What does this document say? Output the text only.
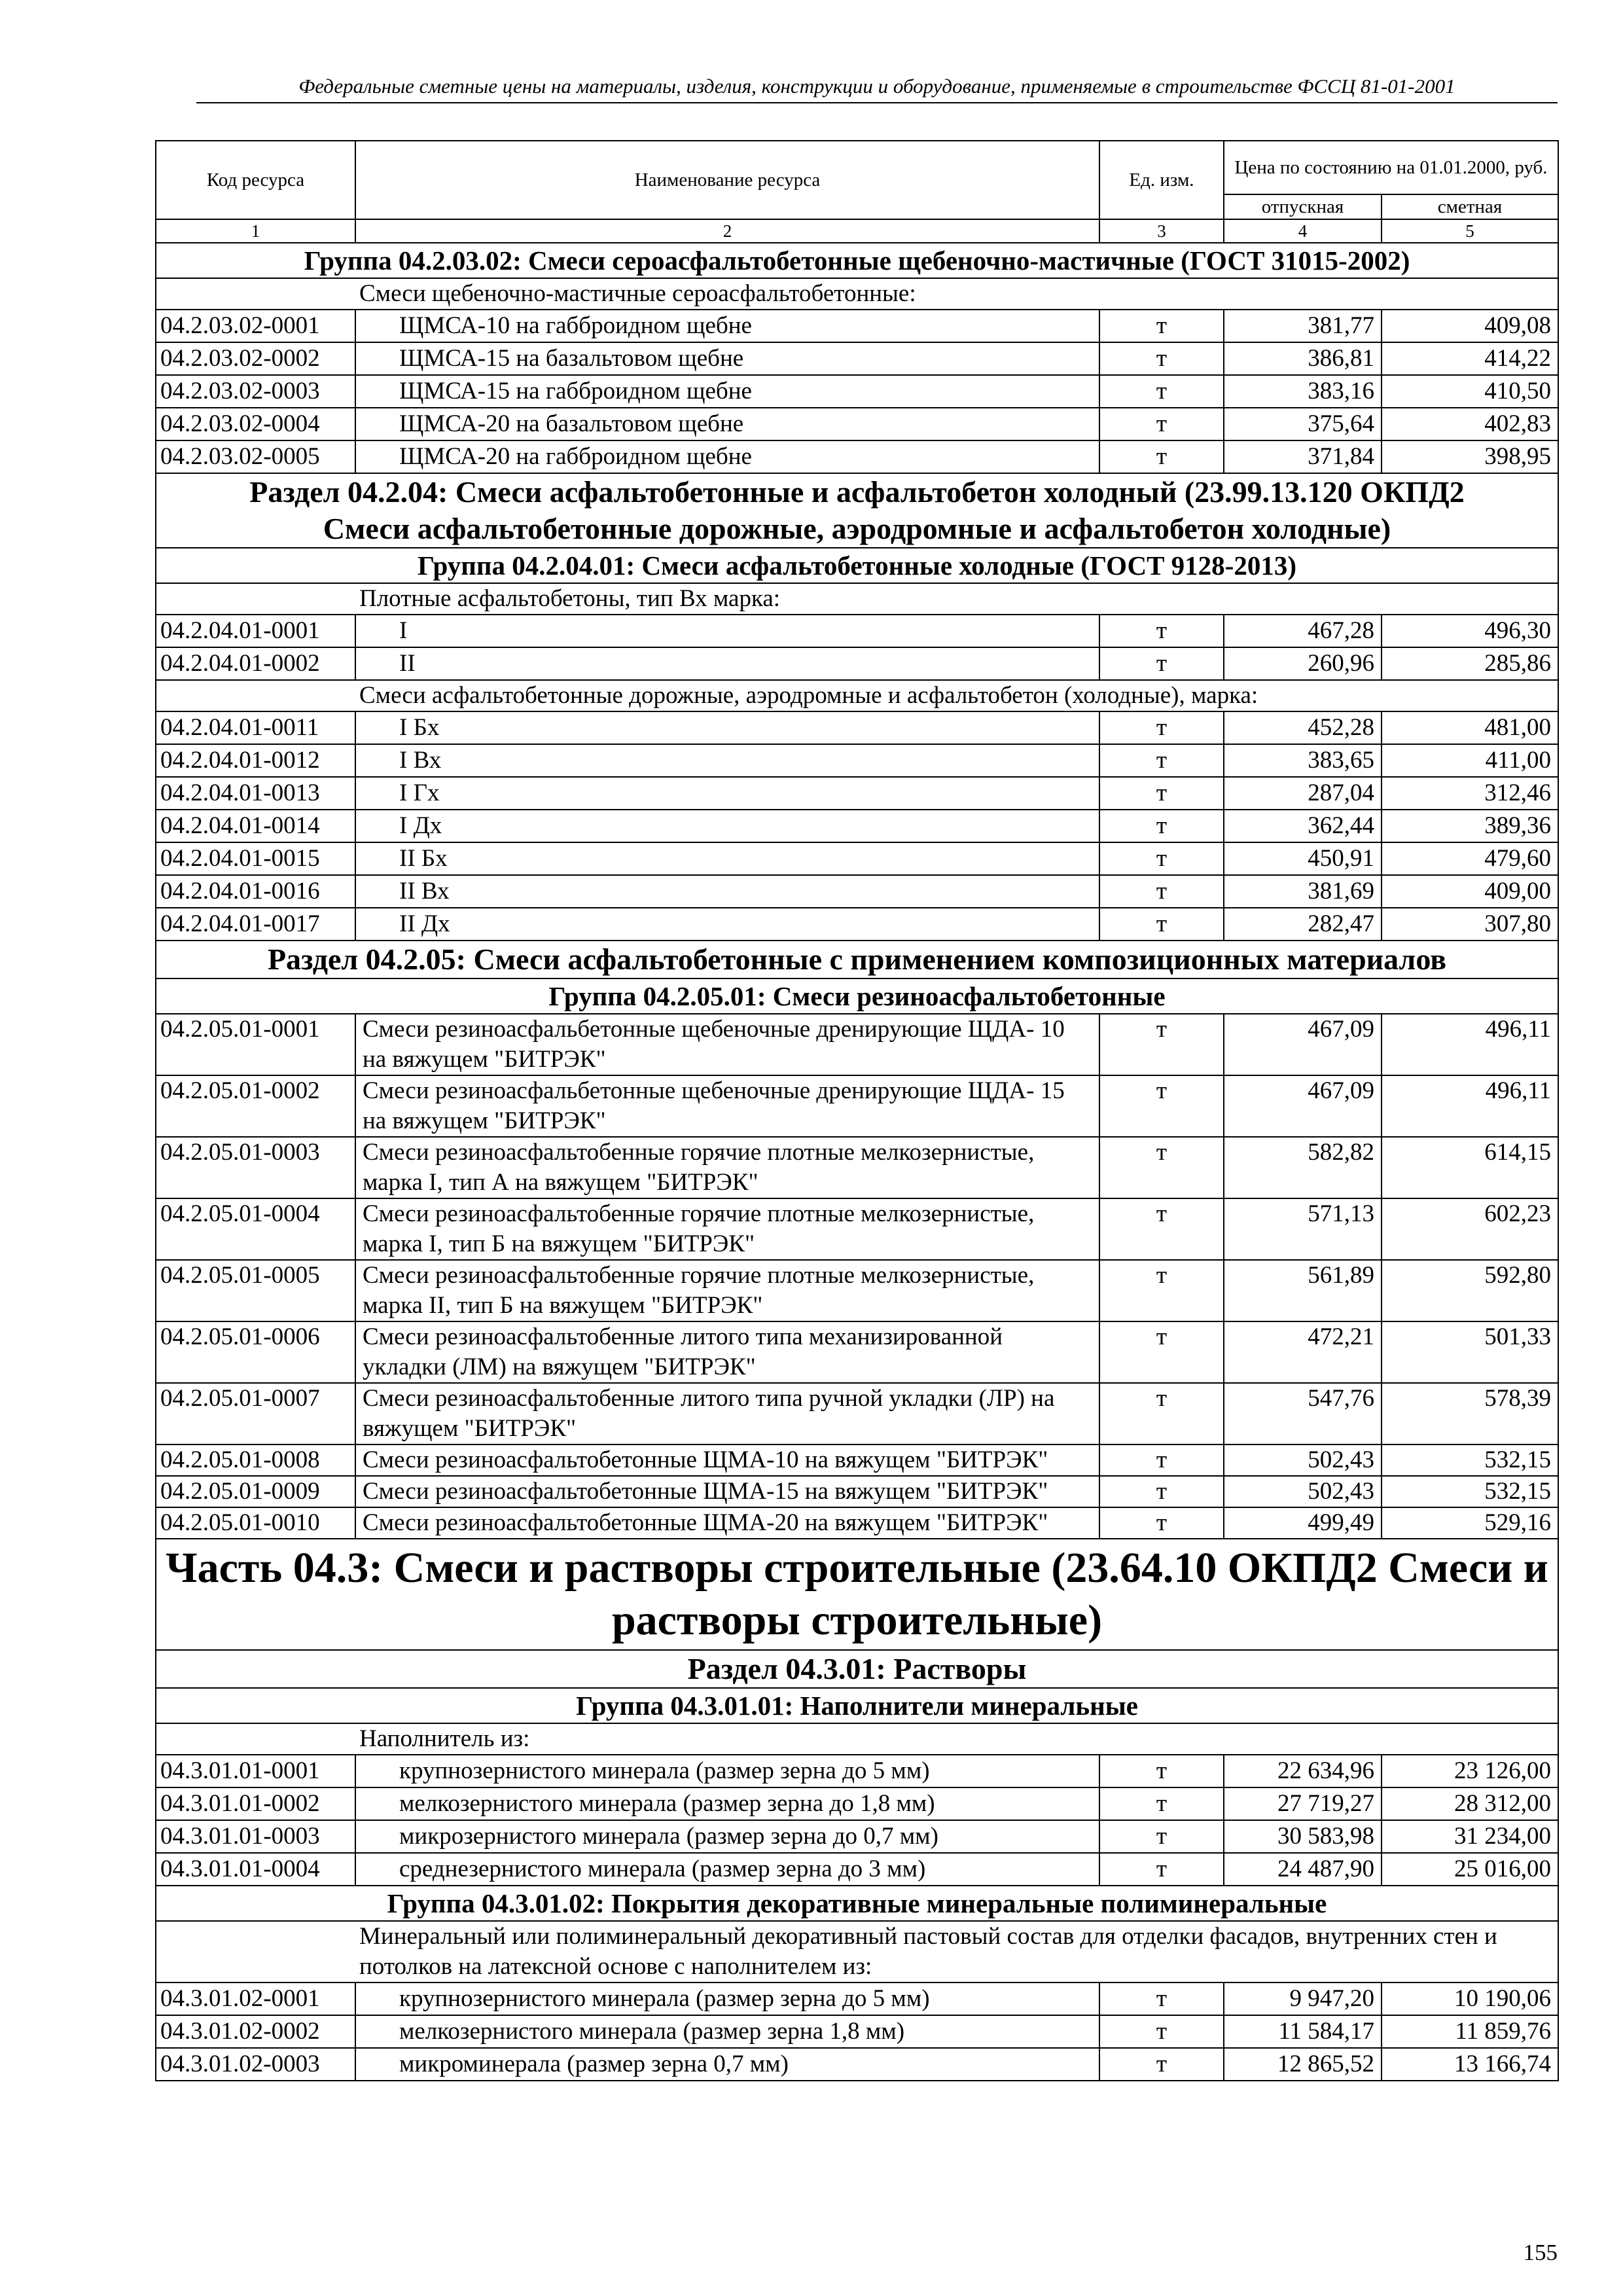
Федеральные сметные цены на материалы, изделия, конструкции и оборудование, применяемые в строительстве ФССЦ 81-01-2001
Код ресурса	Наименование ресурса	Ед. изм.	Цена по состоянию на 01.01.2000, руб.	
			отпускная	сметная
1	2	3	4	5
Группа 04.2.03.02: Смеси сероасфальтобетонные щебеночно-мастичные (ГОСТ 31015-2002)				
Смеси щебеночно-мастичные сероасфальтобетонные:				
04.2.03.02-0001	ЩМСА-10 на габброидном щебне	т	381,77	409,08
04.2.03.02-0002	ЩМСА-15 на базальтовом щебне	т	386,81	414,22
04.2.03.02-0003	ЩМСА-15 на габброидном щебне	т	383,16	410,50
04.2.03.02-0004	ЩМСА-20 на базальтовом щебне	т	375,64	402,83
04.2.03.02-0005	ЩМСА-20 на габброидном щебне	т	371,84	398,95

Раздел 04.2.04: Смеси асфальтобетонные и асфальтобетон холодный (23.99.13.120 ОКПД2
Смеси асфальтобетонные дорожные, аэродромные и асфальтобетон холодные)				

Группа 04.2.04.01: Смеси асфальтобетонные холодные (ГОСТ 9128-2013)				
Плотные асфальтобетоны, тип Вх марка:				
04.2.04.01-0001	I	т	467,28	496,30
04.2.04.01-0002	II	т	260,96	285,86
Смеси асфальтобетонные дорожные, аэродромные и асфальтобетон (холодные), марка:				
04.2.04.01-0011	I Бх	т	452,28	481,00
04.2.04.01-0012	I Вх	т	383,65	411,00
04.2.04.01-0013	I Гх	т	287,04	312,46
04.2.04.01-0014	I Дх	т	362,44	389,36
04.2.04.01-0015	II Бх	т	450,91	479,60
04.2.04.01-0016	II Вх	т	381,69	409,00
04.2.04.01-0017	II Дх	т	282,47	307,80
Раздел 04.2.05: Смеси асфальтобетонные с применением композиционных материалов				
Группа 04.2.05.01: Смеси резиноасфальтобетонные				
04.2.05.01-0001	Смеси резиноасфальбетонные щебеночные дренирующие ЩДА- 10 на вяжущем "БИТРЭК"	т	467,09	496,11
04.2.05.01-0002	Смеси резиноасфальбетонные щебеночные дренирующие ЩДА- 15 на вяжущем "БИТРЭК"	т	467,09	496,11
04.2.05.01-0003	Смеси резиноасфальтобенные горячие плотные мелкозернистые, марка I, тип А на вяжущем "БИТРЭК"	т	582,82	614,15
04.2.05.01-0004	Смеси резиноасфальтобенные горячие плотные мелкозернистые, марка I, тип Б на вяжущем "БИТРЭК"	т	571,13	602,23
04.2.05.01-0005	Смеси резиноасфальтобенные горячие плотные мелкозернистые, марка II, тип Б на вяжущем "БИТРЭК"	т	561,89	592,80
04.2.05.01-0006	Смеси резиноасфальтобенные литого типа механизированной укладки (ЛМ) на вяжущем "БИТРЭК"	т	472,21	501,33
04.2.05.01-0007	Смеси резиноасфальтобенные литого типа ручной укладки (ЛР) на вяжущем "БИТРЭК"	т	547,76	578,39
04.2.05.01-0008	Смеси резиноасфальтобетонные ЩМА-10 на вяжущем "БИТРЭК"	т	502,43	532,15
04.2.05.01-0009	Смеси резиноасфальтобетонные ЩМА-15 на вяжущем "БИТРЭК"	т	502,43	532,15
04.2.05.01-0010	Смеси резиноасфальтобетонные ЩМА-20 на вяжущем "БИТРЭК"	т	499,49	529,16
Часть 04.3: Смеси и растворы строительные (23.64.10 ОКПД2 Смеси и растворы строительные)				
Раздел 04.3.01: Растворы				
Группа 04.3.01.01: Наполнители минеральные				
Наполнитель из:				
04.3.01.01-0001	крупнозернистого минерала (размер зерна до 5 мм)	т	22 634,96	23 126,00
04.3.01.01-0002	мелкозернистого минерала (размер зерна до 1,8 мм)	т	27 719,27	28 312,00
04.3.01.01-0003	микрозернистого минерала (размер зерна до 0,7 мм)	т	30 583,98	31 234,00
04.3.01.01-0004	среднезернистого минерала (размер зерна до 3 мм)	т	24 487,90	25 016,00
Группа 04.3.01.02: Покрытия декоративные минеральные полиминеральные				
Минеральный или полиминеральный декоративный пастовый состав для отделки фасадов, внутренних стен и потолков на латексной основе с наполнителем из:				
04.3.01.02-0001	крупнозернистого минерала (размер зерна до 5 мм)	т	9 947,20	10 190,06
04.3.01.02-0002	мелкозернистого минерала (размер зерна 1,8 мм)	т	11 584,17	11 859,76
04.3.01.02-0003	микроминерала (размер зерна 0,7 мм)	т	12 865,52	13 166,74
155
